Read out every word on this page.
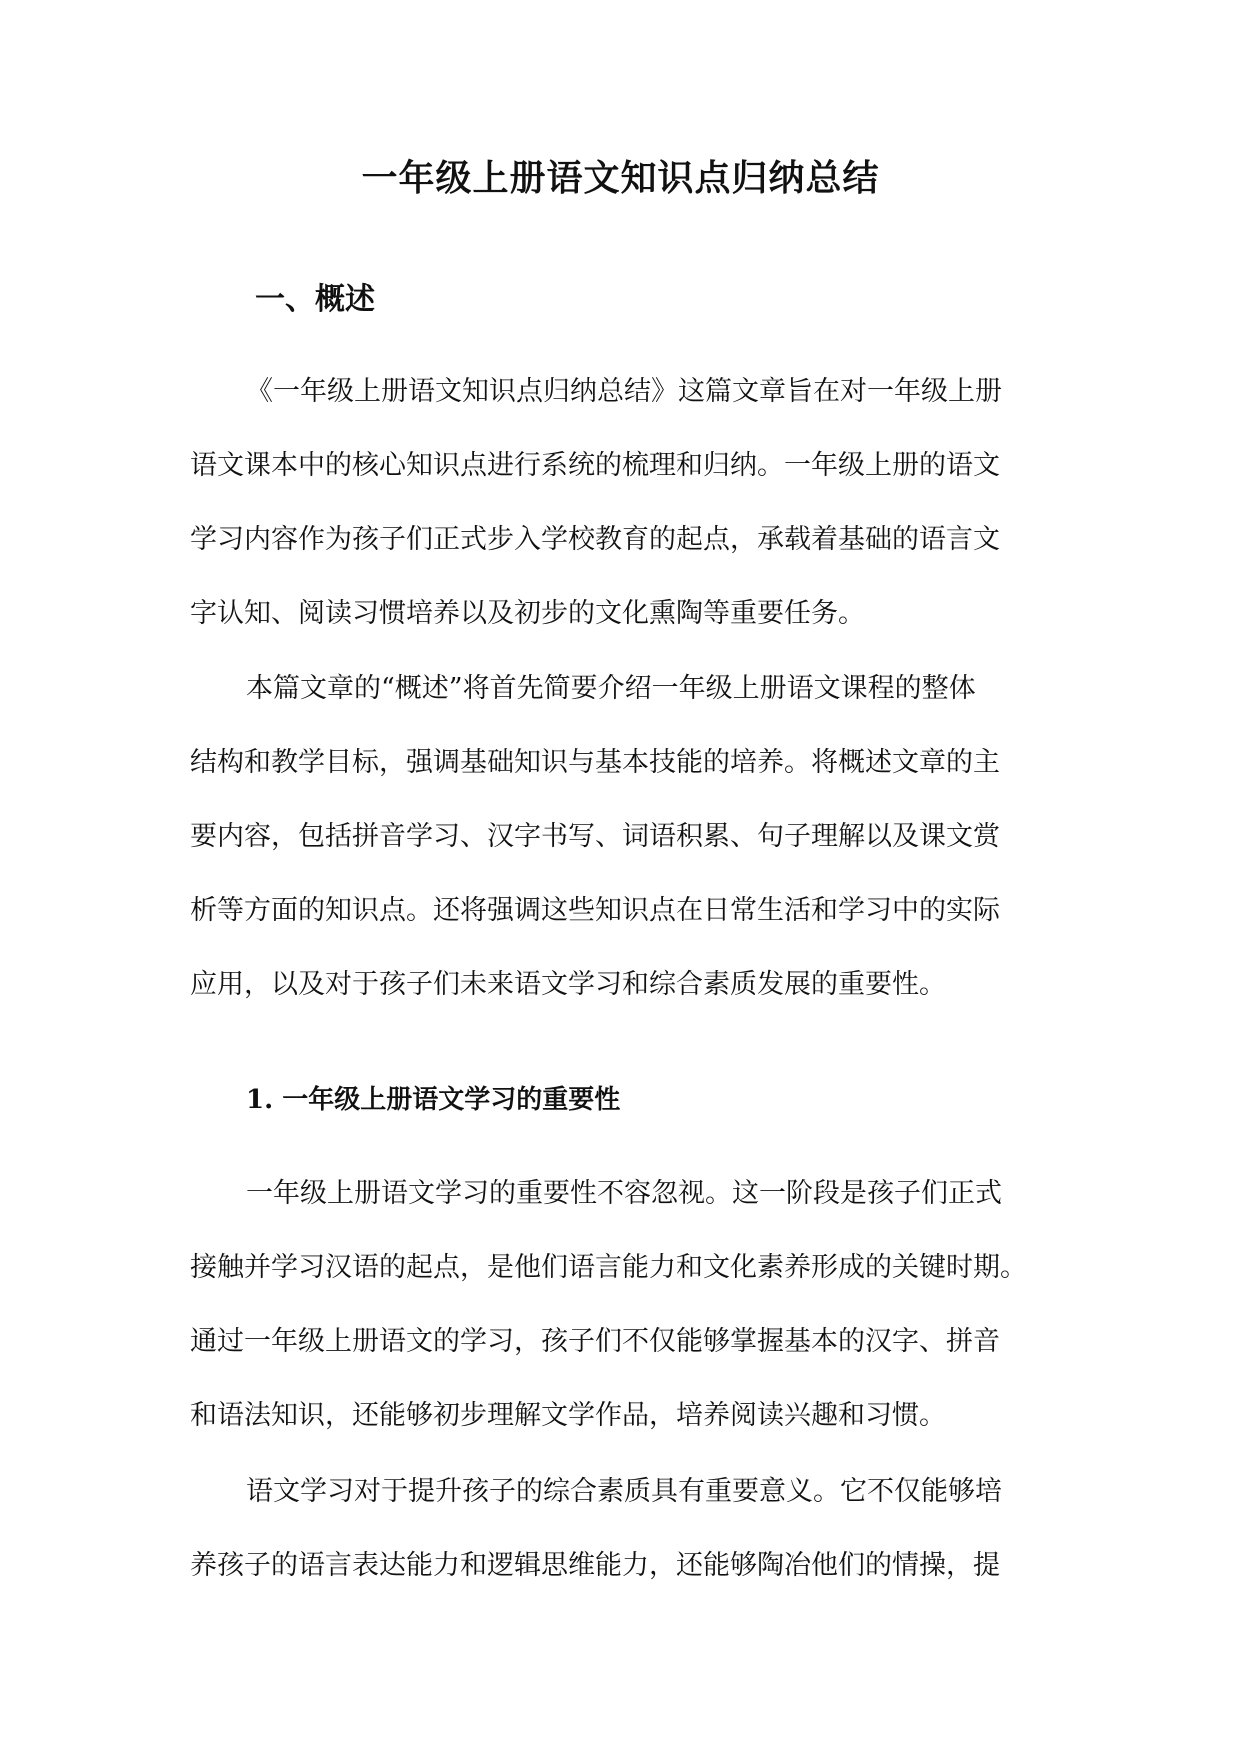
一年级上册语文知识点归纳总结
一、概述

《一年级上册语文知识点归纳总结》这篇文章旨在对一年级上册
语文课本中的核心知识点进行系统的梳理和归纳。一年级上册的语文
学习内容作为孩子们正式步入学校教育的起点，承载着基础的语言文
字认知、阅读习惯培养以及初步的文化熏陶等重要任务。

本篇文章的“概述”将首先简要介绍一年级上册语文课程的整体
结构和教学目标，强调基础知识与基本技能的培养。将概述文章的主
要内容，包括拼音学习、汉字书写、词语积累、句子理解以及课文赏
析等方面的知识点。还将强调这些知识点在日常生活和学习中的实际
应用，以及对于孩子们未来语文学习和综合素质发展的重要性。

1. 一年级上册语文学习的重要性

一年级上册语文学习的重要性不容忽视。这一阶段是孩子们正式
接触并学习汉语的起点，是他们语言能力和文化素养形成的关键时期。
通过一年级上册语文的学习，孩子们不仅能够掌握基本的汉字、拼音
和语法知识，还能够初步理解文学作品，培养阅读兴趣和习惯。

语文学习对于提升孩子的综合素质具有重要意义。它不仅能够培
养孩子的语言表达能力和逻辑思维能力，还能够陶冶他们的情操，提
